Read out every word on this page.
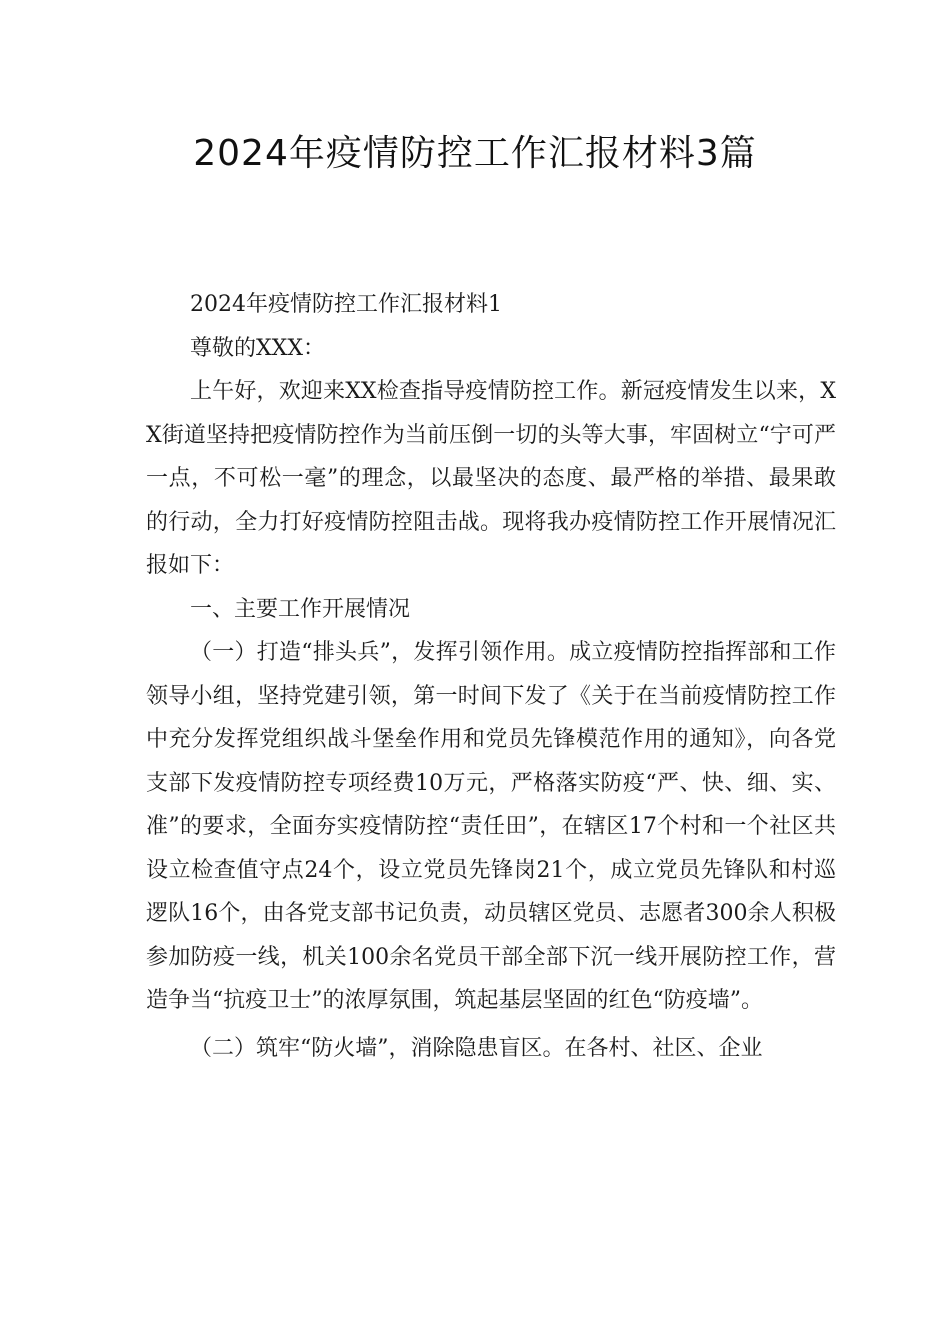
2024年疫情防控工作汇报材料3篇

2024年疫情防控工作汇报材料1

尊敬的XXX：

上午好，欢迎来XX检查指导疫情防控工作。新冠疫情发生以来，XX街道坚持把疫情防控作为当前压倒一切的头等大事，牢固树立“宁可严一点，不可松一毫”的理念，以最坚决的态度、最严格的举措、最果敢的行动，全力打好疫情防控阻击战。现将我办疫情防控工作开展情况汇报如下：

一、主要工作开展情况

（一）打造“排头兵”，发挥引领作用。成立疫情防控指挥部和工作领导小组，坚持党建引领，第一时间下发了《关于在当前疫情防控工作中充分发挥党组织战斗堡垒作用和党员先锋模范作用的通知》，向各党支部下发疫情防控专项经费10万元，严格落实防疫“严、快、细、实、准”的要求，全面夯实疫情防控“责任田”，在辖区17个村和一个社区共设立检查值守点24个，设立党员先锋岗21个，成立党员先锋队和村巡逻队16个，由各党支部书记负责，动员辖区党员、志愿者300余人积极参加防疫一线，机关100余名党员干部全部下沉一线开展防控工作，营造争当“抗疫卫士”的浓厚氛围，筑起基层坚固的红色“防疫墙”。

（二）筑牢“防火墙”，消除隐患盲区。在各村、社区、企业
